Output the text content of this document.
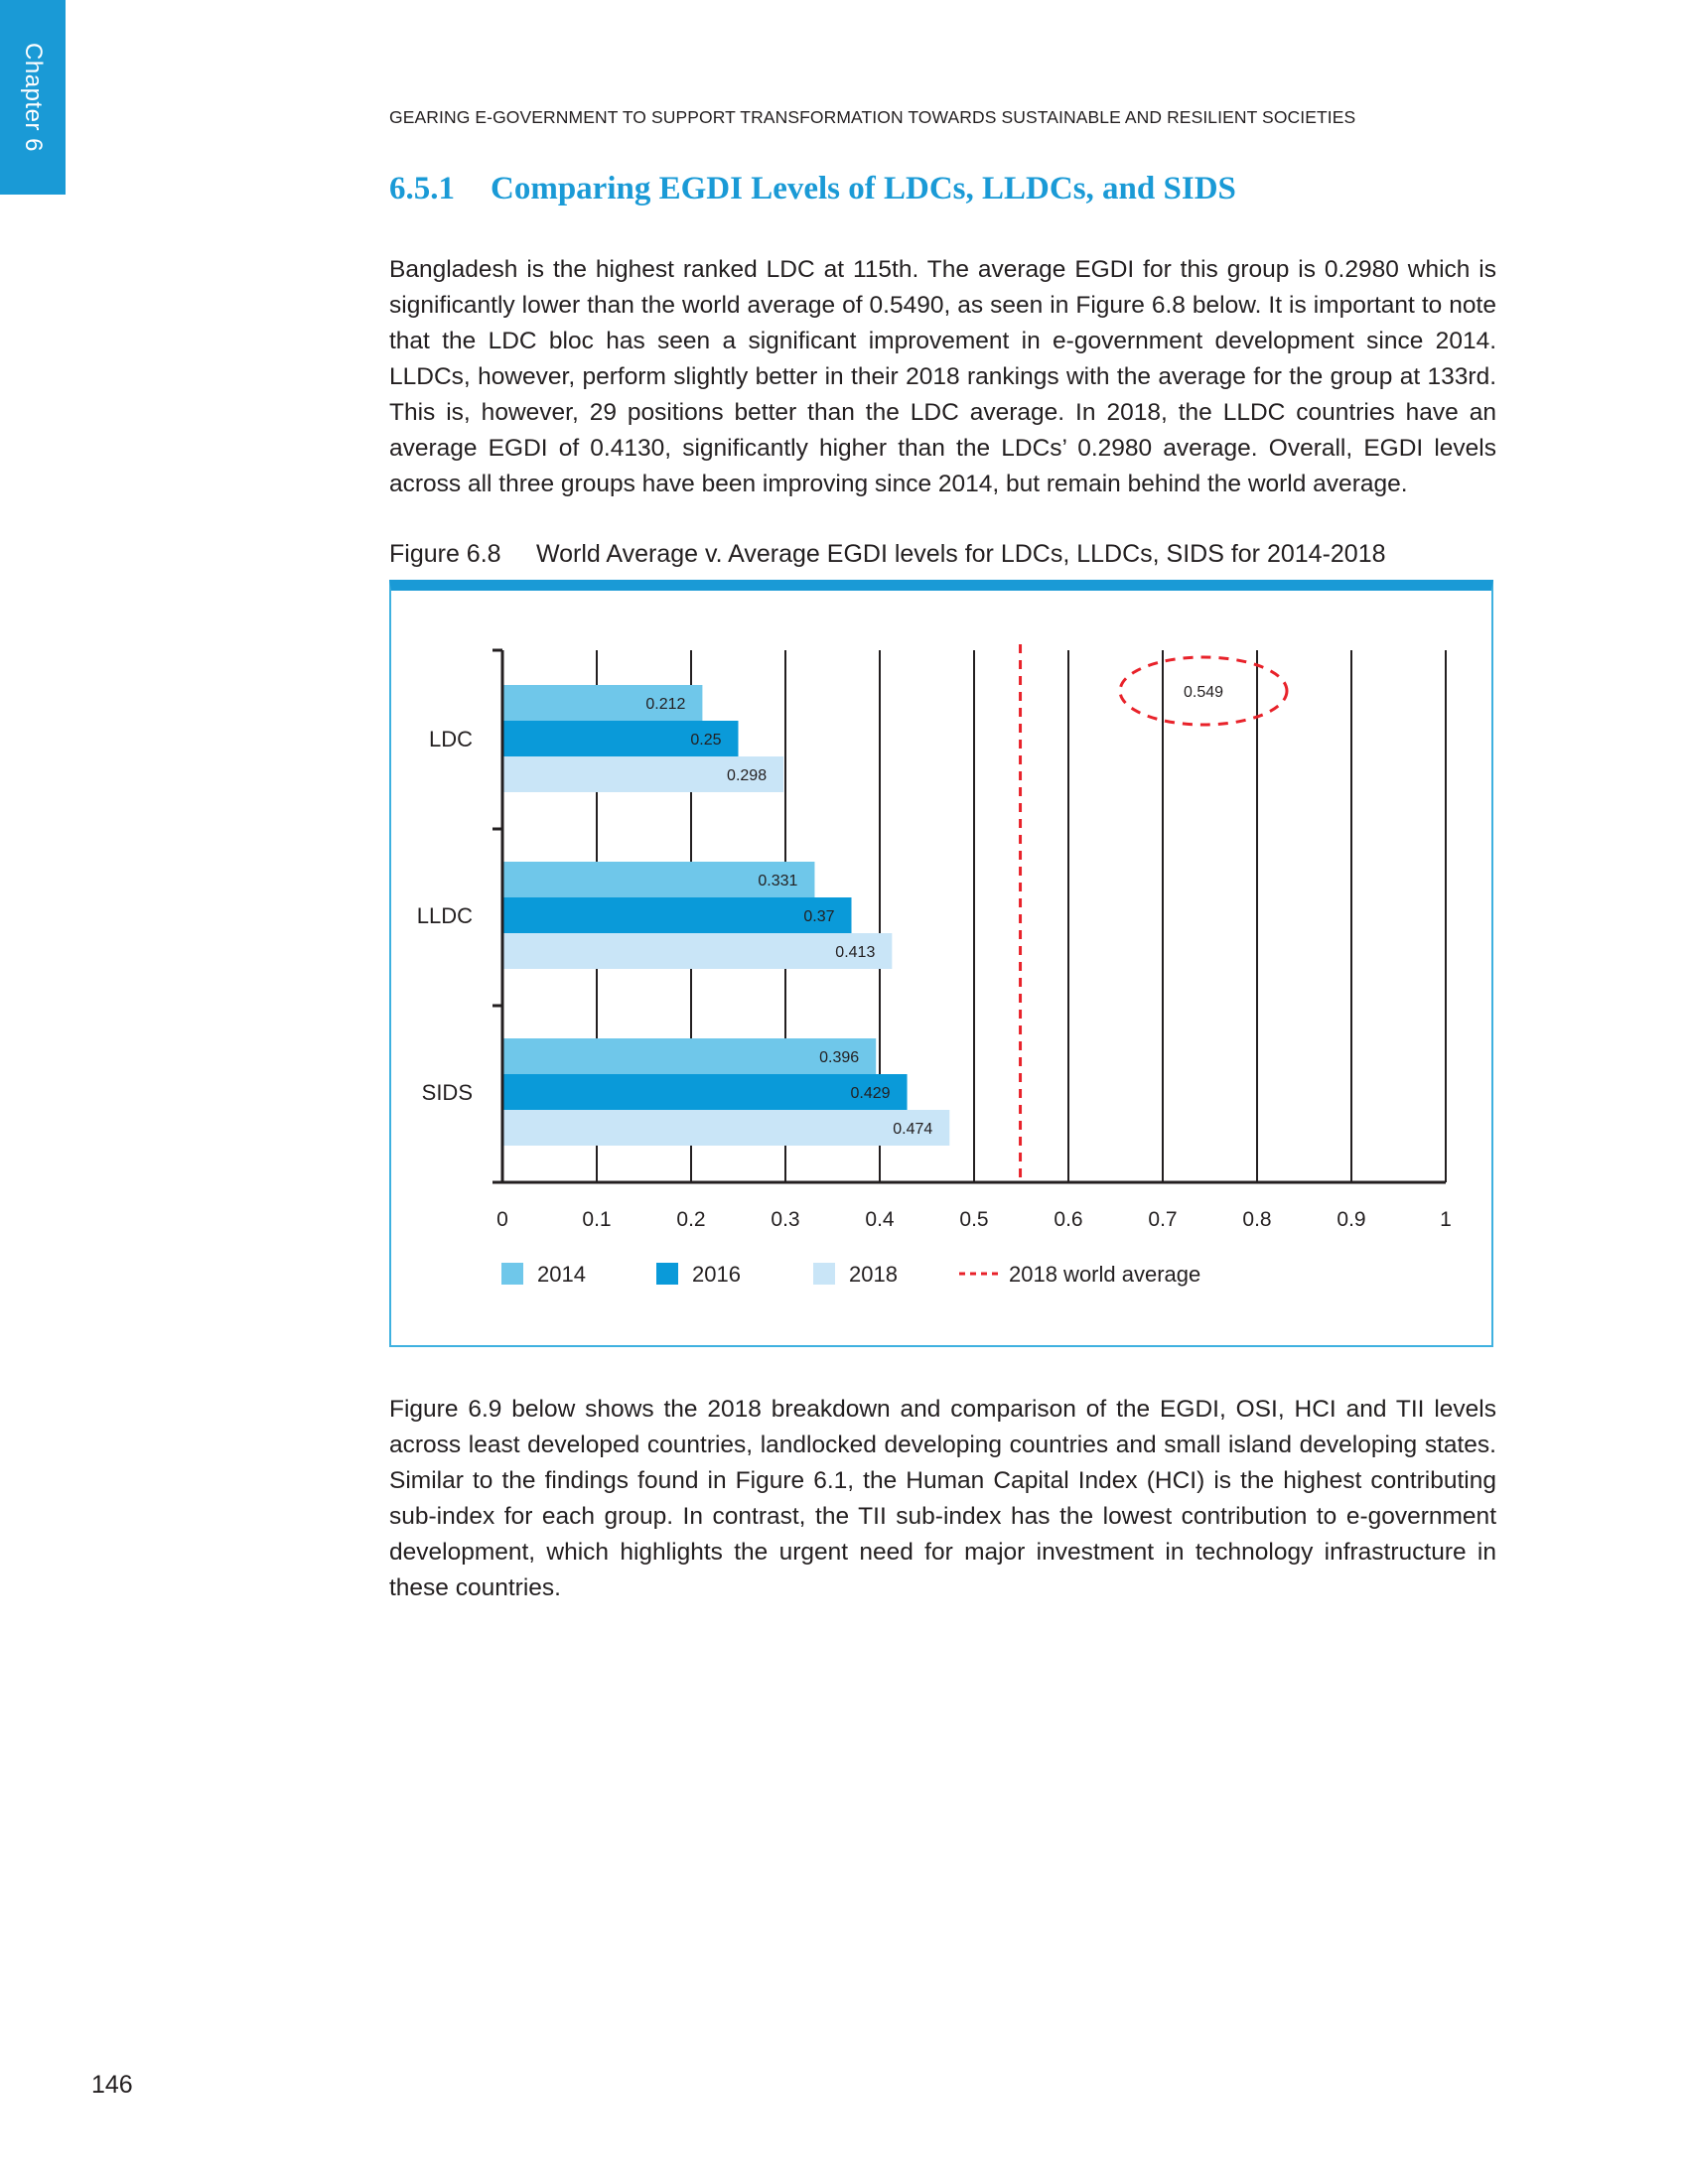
Chapter 6	GEARING E-GOVERNMENT TO SUPPORT TRANSFORMATION TOWARDS SUSTAINABLE AND RESILIENT SOCIETIES
6.5.1 Comparing EGDI Levels of LDCs, LLDCs, and SIDS

Bangladesh is the highest ranked LDC at 115th. The average EGDI for this group is 0.2980 which is significantly lower than the world average of 0.5490, as seen in Figure 6.8 below. It is important to note that the LDC bloc has seen a significant improvement in e-government development since 2014. LLDCs, however, perform slightly better in their 2018 rankings with the average for the group at 133rd. This is, however, 29 positions better than the LDC average. In 2018, the LLDC countries have an average EGDI of 0.4130, significantly higher than the LDCs’ 0.2980 average. Overall, EGDI levels across all three groups have been improving since 2014, but remain behind the world average.

Figure 6.8 World Average v. Average EGDI levels for LDCs, LLDCs, SIDS for 2014-2018
0.212
0.25
0.298
LDC
0.331
0.37
0.413
LLDC
0.396
0.429
0.474
SIDS
0	0.1	0.2	0.3	0.4	0.5	0.6	0.7	0.8	0.9	1
0.549
2014	2016	2018	2018 world average

Figure 6.9 below shows the 2018 breakdown and comparison of the EGDI, OSI, HCI and TII levels across least developed countries, landlocked developing countries and small island developing states. Similar to the findings found in Figure 6.1, the Human Capital Index (HCI) is the highest contributing sub-index for each group. In contrast, the TII sub-index has the lowest contribution to e-government development, which highlights the urgent need for major investment in technology infrastructure in these countries.

146
